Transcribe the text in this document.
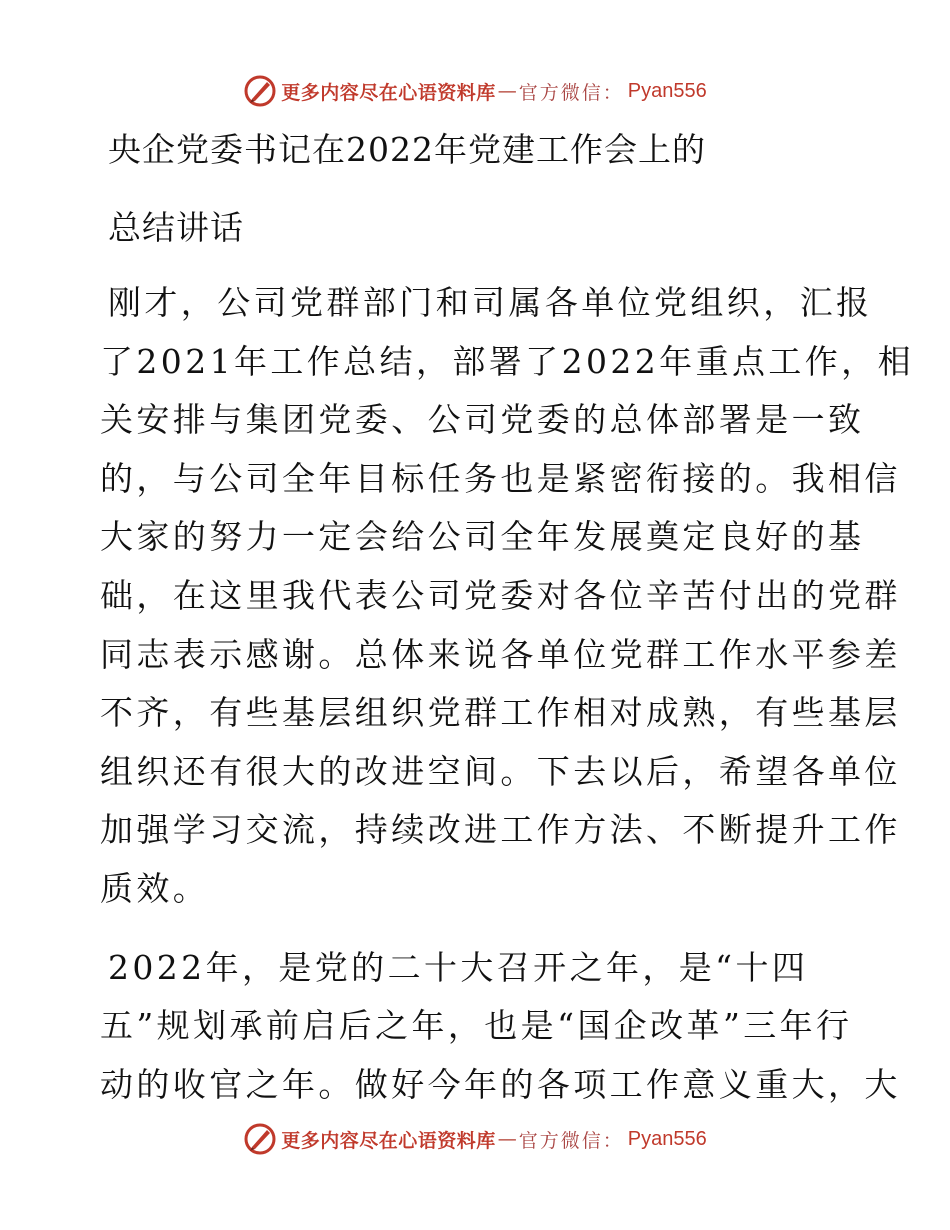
更多内容尽在心语资料库 — 官方微信： Pyan556
央企党委书记在2022年党建工作会上的
总结讲话
刚才，公司党群部门和司属各单位党组织，汇报
了2021年工作总结，部署了2022年重点工作，相
关安排与集团党委、公司党委的总体部署是一致
的，与公司全年目标任务也是紧密衔接的。我相信
大家的努力一定会给公司全年发展奠定良好的基
础，在这里我代表公司党委对各位辛苦付出的党群
同志表示感谢。总体来说各单位党群工作水平参差
不齐，有些基层组织党群工作相对成熟，有些基层
组织还有很大的改进空间。下去以后，希望各单位
加强学习交流，持续改进工作方法、不断提升工作
质效。
2022年，是党的二十大召开之年，是“十四
五”规划承前启后之年，也是“国企改革”三年行
动的收官之年。做好今年的各项工作意义重大，大
更多内容尽在心语资料库 — 官方微信： Pyan556
